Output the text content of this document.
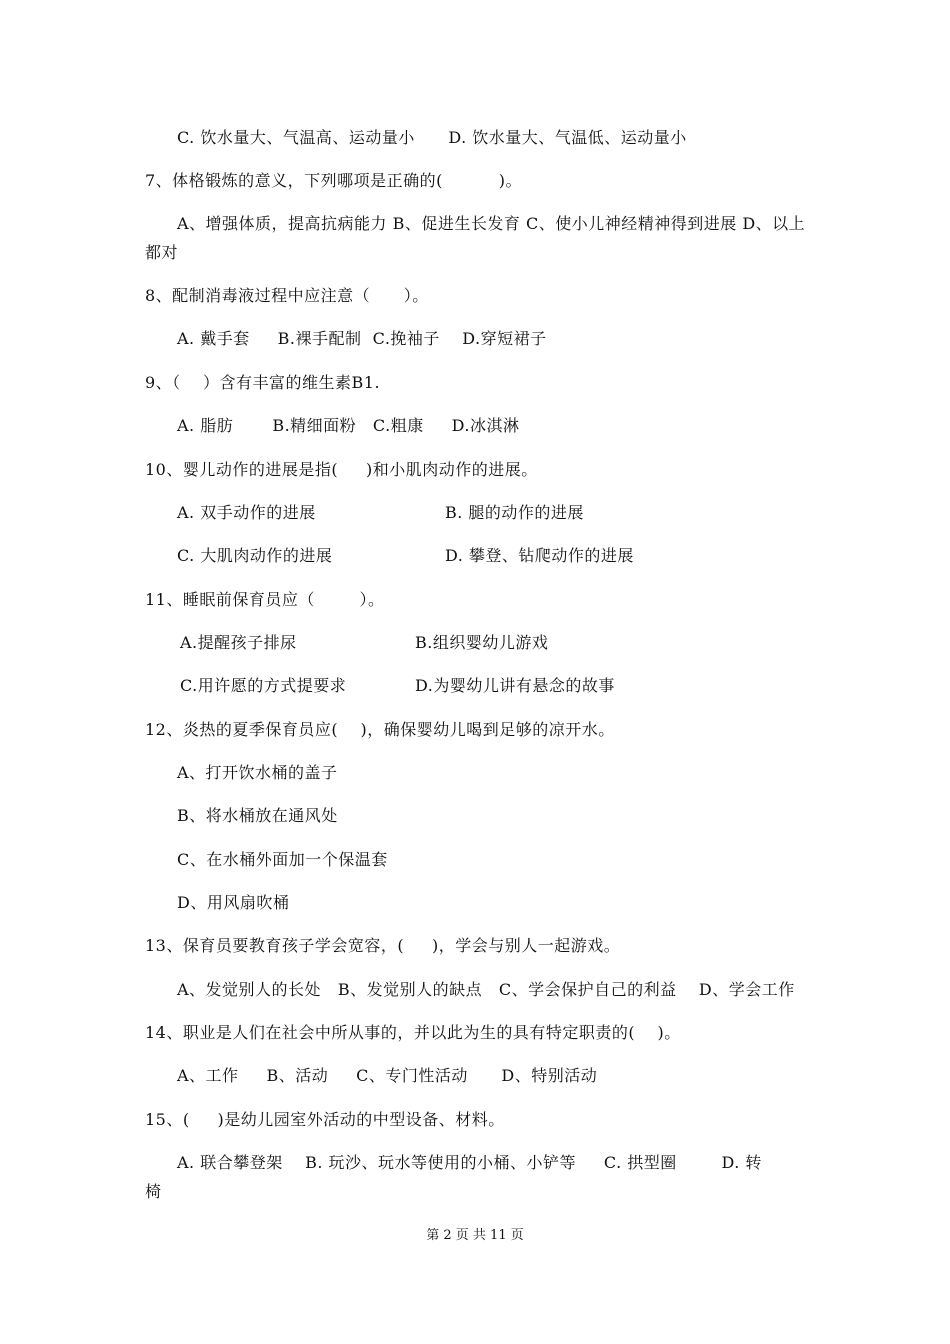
C. 饮水量大、气温高、运动量小      D. 饮水量大、气温低、运动量小
7、体格锻炼的意义，下列哪项是正确的(          )。
A、增强体质，提高抗病能力 B、促进生长发育 C、使小儿神经精神得到进展 D、以上
都对
8、配制消毒液过程中应注意（      ）。
A. 戴手套     B.裸手配制  C.挽袖子    D.穿短裙子
9、（    ）含有丰富的维生素B1.
A. 脂肪       B.精细面粉   C.粗康     D.冰淇淋
10、婴儿动作的进展是指(     )和小肌肉动作的进展。
A. 双手动作的进展	B. 腿的动作的进展
C. 大肌肉动作的进展	D. 攀登、钻爬动作的进展
11、睡眠前保育员应（        ）。
A.提醒孩子排尿	B.组织婴幼儿游戏
C.用许愿的方式提要求	D.为婴幼儿讲有悬念的故事
12、炎热的夏季保育员应(    )，确保婴幼儿喝到足够的凉开水。
A、打开饮水桶的盖子
B、将水桶放在通风处
C、在水桶外面加一个保温套
D、用风扇吹桶
13、保育员要教育孩子学会宽容，(     )，学会与别人一起游戏。
A、发觉别人的长处   B、发觉别人的缺点   C、学会保护自己的利益    D、学会工作
14、职业是人们在社会中所从事的，并以此为生的具有特定职责的(    )。
A、工作     B、活动     C、专门性活动      D、特别活动
15、(     )是幼儿园室外活动的中型设备、材料。
A. 联合攀登架    B. 玩沙、玩水等使用的小桶、小铲等     C. 拱型圈        D. 转
椅
第 2 页 共 11 页
